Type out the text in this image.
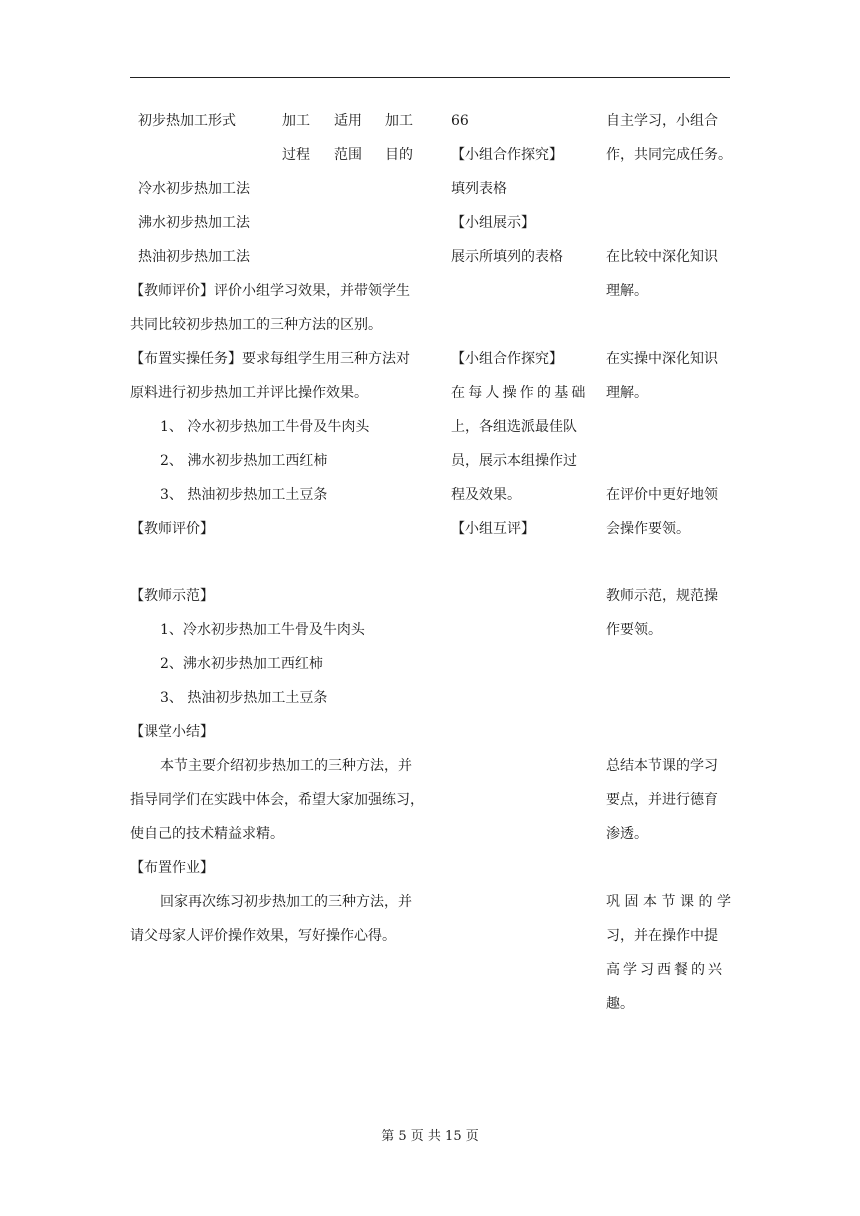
初步热加工形式	加工
过程
适用
范围
加工
目的
冷水初步热加工法
沸水初步热加工法
热油初步热加工法
【教师评价】评价小组学习效果，并带领学生
共同比较初步热加工的三种方法的区别。
【布置实操任务】要求每组学生用三种方法对
原料进行初步热加工并评比操作效果。
1、 冷水初步热加工牛骨及牛肉头
2、 沸水初步热加工西红柿
3、 热油初步热加工土豆条
【教师评价】
【教师示范】
1、冷水初步热加工牛骨及牛肉头
2、沸水初步热加工西红柿
3、 热油初步热加工土豆条
【课堂小结】
本节主要介绍初步热加工的三种方法，并
指导同学们在实践中体会，希望大家加强练习，
使自己的技术精益求精。
【布置作业】
回家再次练习初步热加工的三种方法，并
请父母家人评价操作效果，写好操作心得。
66
【小组合作探究】
填列表格
【小组展示】
展示所填列的表格
【小组合作探究】
在每人操作的基础
上，各组选派最佳队
员，展示本组操作过
程及效果。
【小组互评】
自主学习，小组合
作，共同完成任务。
在比较中深化知识
理解。
在实操中深化知识
理解。
在评价中更好地领
会操作要领。
教师示范，规范操
作要领。
总结本节课的学习
要点，并进行德育
渗透。
巩固本节课的学
习，并在操作中提
高学习西餐的兴
趣。
第 5 页 共 15 页
